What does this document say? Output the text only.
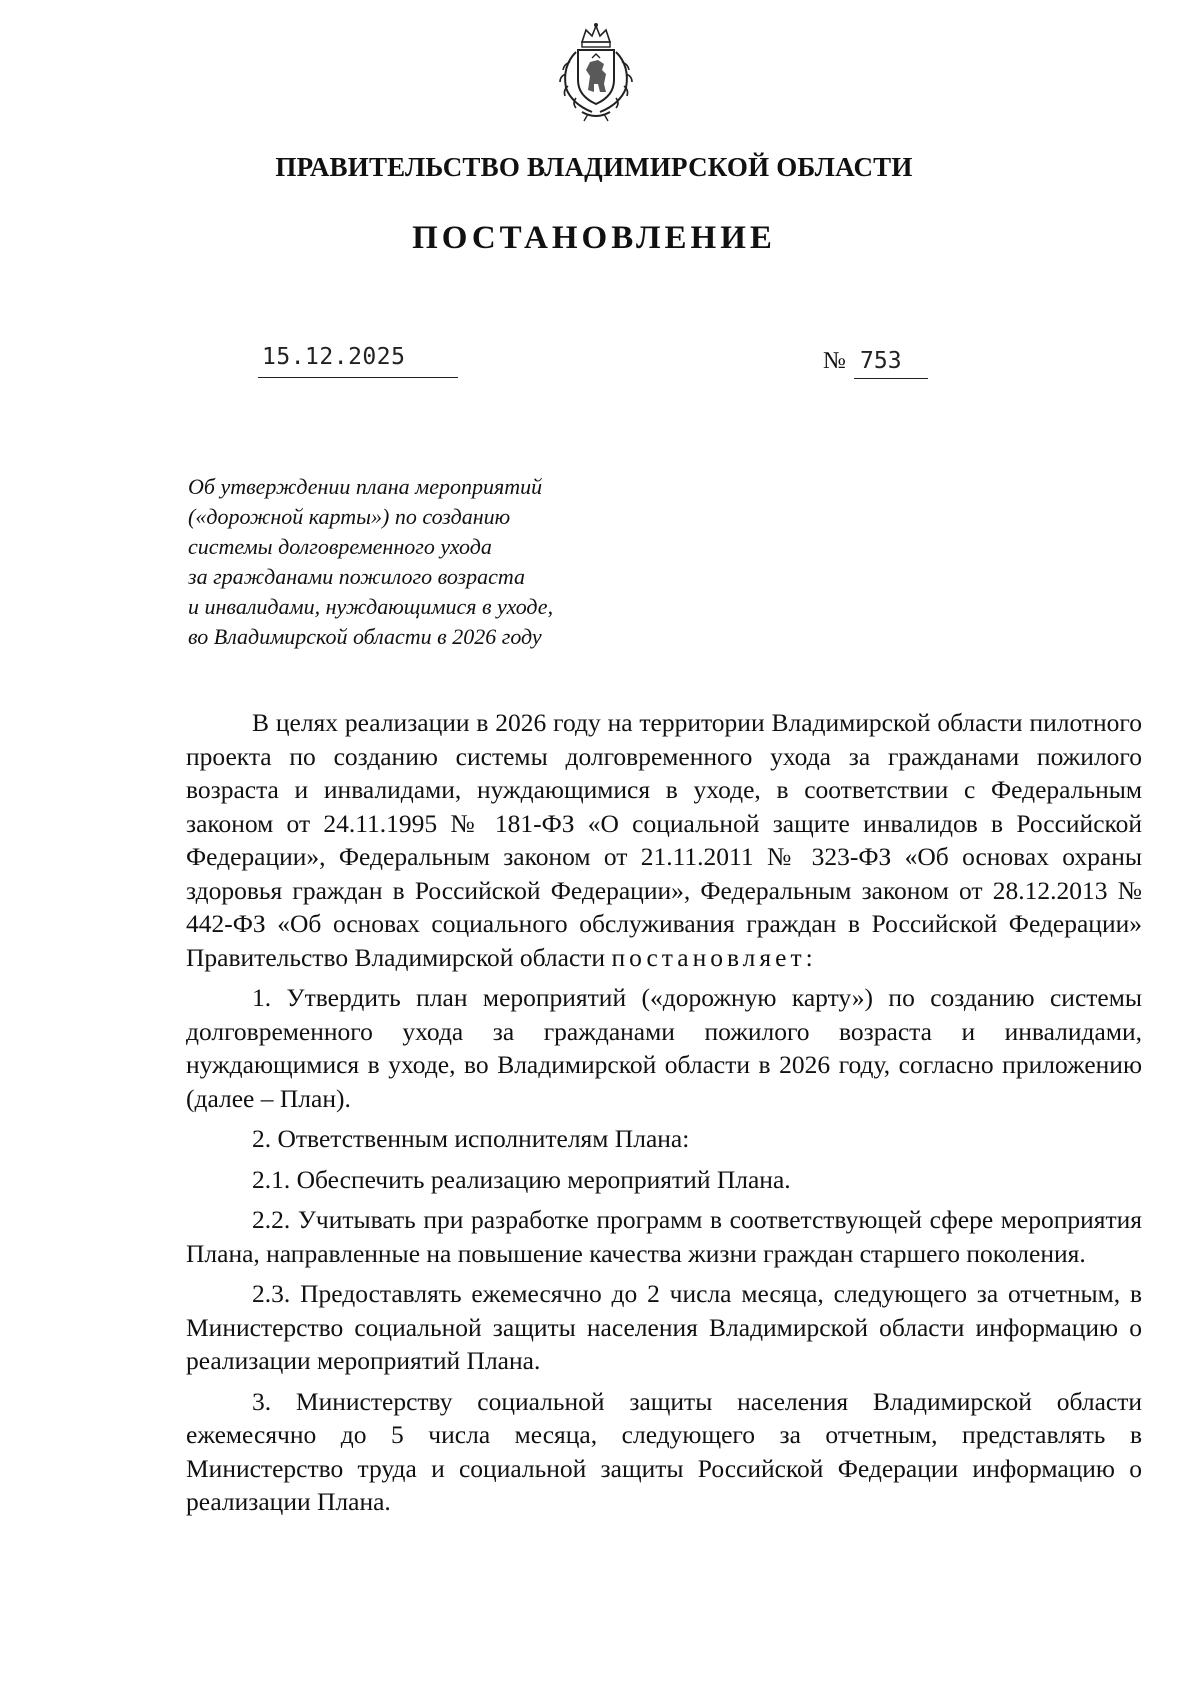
ПРАВИТЕЛЬСТВО ВЛАДИМИРСКОЙ ОБЛАСТИ
ПОСТАНОВЛЕНИЕ
15.12.2025	№ 753
Об утверждении плана мероприятий
(«дорожной карты») по созданию
системы долговременного ухода
за гражданами пожилого возраста
и инвалидами, нуждающимися в уходе,
во Владимирской области в 2026 году

В целях реализации в 2026 году на территории Владимирской области пилотного проекта по созданию системы долговременного ухода за гражданами пожилого возраста и инвалидами, нуждающимися в уходе, в соответствии с Федеральным законом от 24.11.1995 № 181-ФЗ «О социальной защите инвалидов в Российской Федерации», Федеральным законом от 21.11.2011 № 323-ФЗ «Об основах охраны здоровья граждан в Российской Федерации», Федеральным законом от 28.12.2013 № 442-ФЗ «Об основах социального обслуживания граждан в Российской Федерации» Правительство Владимирской области постановляет:

1. Утвердить план мероприятий («дорожную карту») по созданию системы долговременного ухода за гражданами пожилого возраста и инвалидами, нуждающимися в уходе, во Владимирской области в 2026 году, согласно приложению (далее – План).

2. Ответственным исполнителям Плана:

2.1. Обеспечить реализацию мероприятий Плана.

2.2. Учитывать при разработке программ в соответствующей сфере мероприятия Плана, направленные на повышение качества жизни граждан старшего поколения.

2.3. Предоставлять ежемесячно до 2 числа месяца, следующего за отчетным, в Министерство социальной защиты населения Владимирской области информацию о реализации мероприятий Плана.

3. Министерству социальной защиты населения Владимирской области ежемесячно до 5 числа месяца, следующего за отчетным, представлять в Министерство труда и социальной защиты Российской Федерации информацию о реализации Плана.
